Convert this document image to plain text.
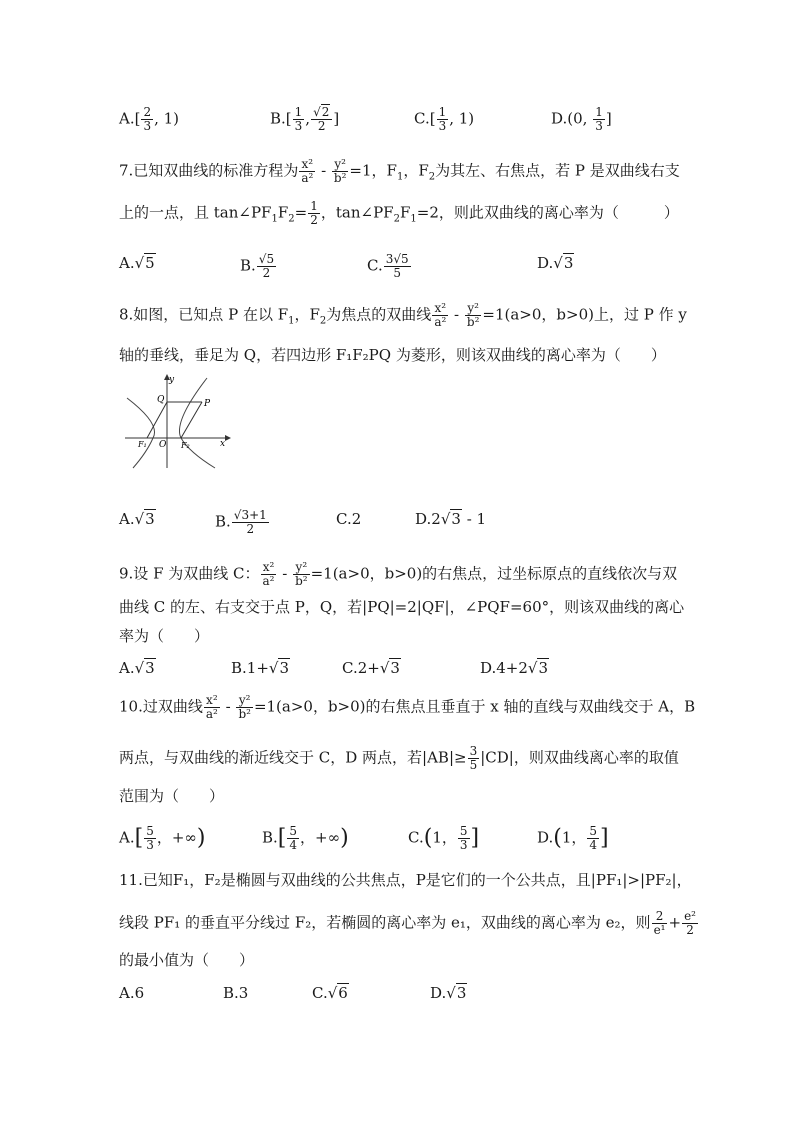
$A.[ \frac{2}{3}$ , 1)	$B.[ \frac{1}{3}$ , $\frac{√2}{2}$ ]	$C.[ \frac{1}{3}$ , 1)	D.(0, $\frac{1}{3}$ ]
7.已知双曲线的标准方程为 $\frac{\text{x²}}{\text{a²}} - \frac{\text{y²}}{\text{b²}} =1$，$F_1$，$F_2$为其左、右焦点，若 P 是双曲线右支
上的一点，且 $\tan\angle PF_1F_2= \frac{1}{2}$ ，$\tan\angle PF_2F_1=2$，则此双曲线的离心率为（　　　）
A.√5	B. $\frac{√5}{2}$	C. $\frac{3√5}{5}$	D.√3
8.如图，已知点 P 在以 $F_1$，$F_2$为焦点的双曲线 $\frac{\text{x²}}{\text{a²}} - \frac{\text{y²}}{\text{b²}} =1(a>0$，b>0)上，过 P 作 y
轴的垂线，垂足为 Q，若四边形 F₁F₂PQ 为菱形，则该双曲线的离心率为（　　）
y
x
Q	P
O
F₁	F₂
A.√3	B. $\frac{√3+1}{2}$	C.2	D.2√3 - 1
9.设 F 为双曲线 C： $\frac{\text{x²}}{\text{a²}} - \frac{\text{y²}}{\text{b²}} =1(a>0$，b>0)的右焦点，过坐标原点的直线依次与双
曲线 C 的左、右支交于点 P，Q，若|PQ|=2|QF|，∠PQF=60°，则该双曲线的离心
率为（　　）
A.√3	B.1+√3	C.2+√3	D.4+2√3
10.过双曲线 $\frac{\text{x²}}{\text{a²}} - \frac{\text{y²}}{\text{b²}} =1(a>0$，b>0)的右焦点且垂直于 x 轴的直线与双曲线交于 A，B
两点，与双曲线的渐近线交于 C，D 两点，若$|AB|\ge \frac{3}{5} |CD|$，则双曲线离心率的取值
范围为（　　）
$A.[ \frac{5}{3}$ ，+∞)	$B.[ \frac{5}{4}$ ，+∞)	C.(1， $\frac{5}{3}$ ]	D.(1， $\frac{5}{4}$ ]
11.已知F₁，F₂是椭圆与双曲线的公共焦点，P是它们的一个公共点，且|PF₁|>|PF₂|，
线段 PF₁ 的垂直平分线过 F₂，若椭圆的离心率为 e₁，双曲线的离心率为 e₂，则 $\frac{2}{\text{e¹}} + \frac{\text{e²}}{2}$
的最小值为（　　）
A.6	B.3	C.√6	D.√3
